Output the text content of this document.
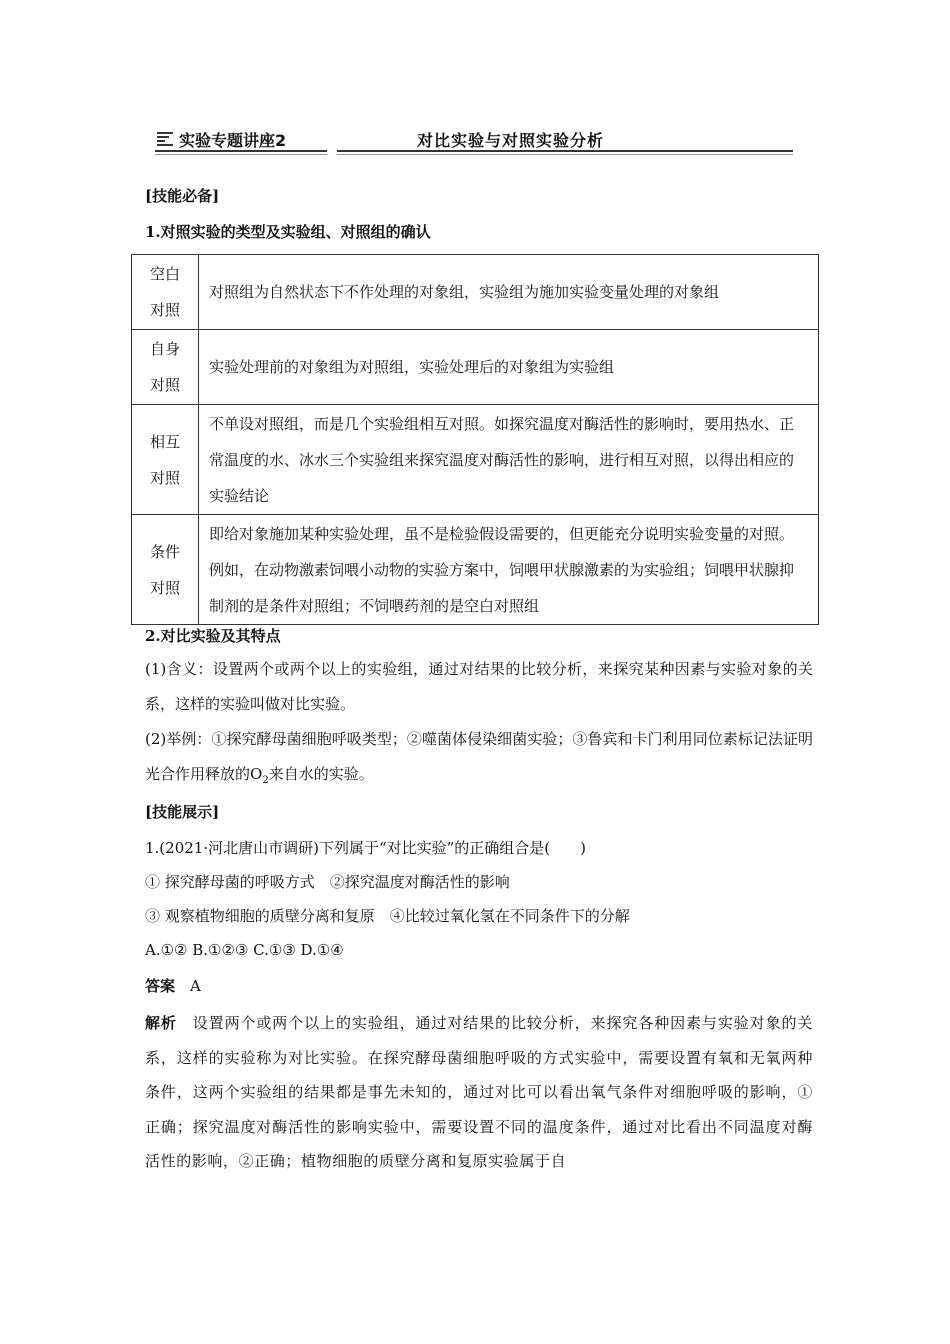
实验专题讲座2	对比实验与对照实验分析
[技能必备]
1.对照实验的类型及实验组、对照组的确认
空白
对照	对照组为自然状态下不作处理的对象组，实验组为施加实验变量处理的对象组

自身
对照	实验处理前的对象组为对照组，实验处理后的对象组为实验组

相互
对照	不单设对照组，而是几个实验组相互对照。如探究温度对酶活性的影响时，要用热水、正常温度的水、冰水三个实验组来探究温度对酶活性的影响，进行相互对照，以得出相应的实验结论

条件
对照	即给对象施加某种实验处理，虽不是检验假设需要的，但更能充分说明实验变量的对照。例如，在动物激素饲喂小动物的实验方案中，饲喂甲状腺激素的为实验组；饲喂甲状腺抑制剂的是条件对照组；不饲喂药剂的是空白对照组
2.对比实验及其特点
(1)含义：设置两个或两个以上的实验组，通过对结果的比较分析，来探究某种因素与实验对象的关系，这样的实验叫做对比实验。
(2)举例：①探究酵母菌细胞呼吸类型；②噬菌体侵染细菌实验；③鲁宾和卡门利用同位素标记法证明光合作用释放的$O_2$来自水的实验。
[技能展示]
1.(2021·河北唐山市调研)下列属于“对比实验”的正确组合是(　　)
① 探究酵母菌的呼吸方式　②探究温度对酶活性的影响
③ 观察植物细胞的质壁分离和复原　④比较过氧化氢在不同条件下的分解
A.①② B.①②③ C.①③ D.①④
答案　 A
解析　 设置两个或两个以上的实验组，通过对结果的比较分析，来探究各种因素与实验对象的关系，这样的实验称为对比实验。在探究酵母菌细胞呼吸的方式实验中，需要设置有氧和无氧两种条件，这两个实验组的结果都是事先未知的，通过对比可以看出氧气条件对细胞呼吸的影响，①正确；探究温度对酶活性的影响实验中，需要设置不同的温度条件，通过对比看出不同温度对酶活性的影响，②正确；植物细胞的质壁分离和复原实验属于自
